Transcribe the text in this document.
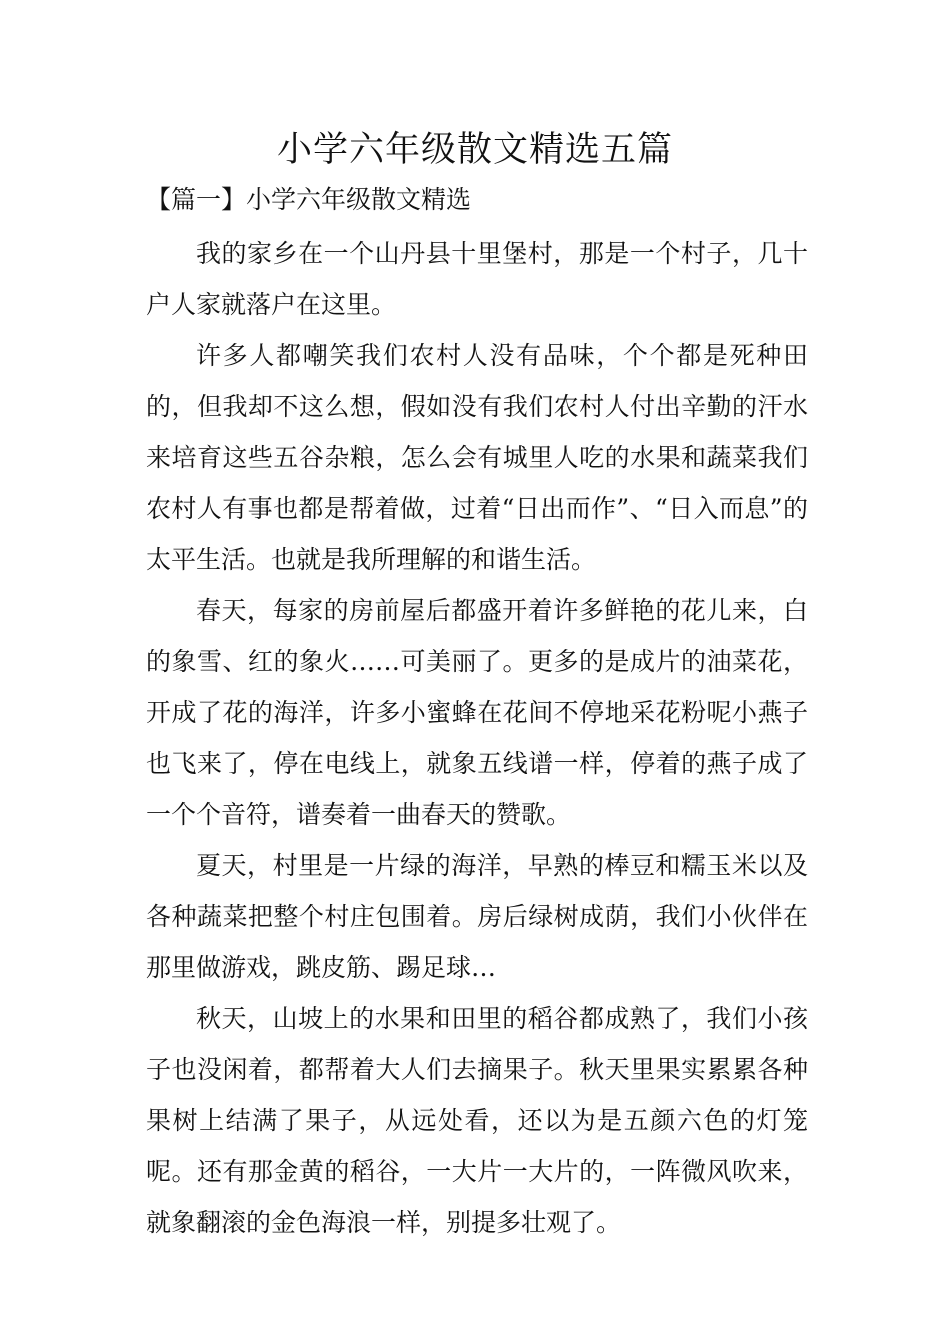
小学六年级散文精选五篇
【篇一】小学六年级散文精选

我的家乡在一个山丹县十里堡村，那是一个村子，几十户人家就落户在这里。

许多人都嘲笑我们农村人没有品味，个个都是死种田的，但我却不这么想，假如没有我们农村人付出辛勤的汗水来培育这些五谷杂粮，怎么会有城里人吃的水果和蔬菜我们农村人有事也都是帮着做，过着“日出而作”、“日入而息”的太平生活。也就是我所理解的和谐生活。

春天，每家的房前屋后都盛开着许多鲜艳的花儿来，白的象雪、红的象火……可美丽了。更多的是成片的油菜花，开成了花的海洋，许多小蜜蜂在花间不停地采花粉呢小燕子也飞来了，停在电线上，就象五线谱一样，停着的燕子成了一个个音符，谱奏着一曲春天的赞歌。

夏天，村里是一片绿的海洋，早熟的棒豆和糯玉米以及各种蔬菜把整个村庄包围着。房后绿树成荫，我们小伙伴在那里做游戏，跳皮筋、踢足球…

秋天，山坡上的水果和田里的稻谷都成熟了，我们小孩子也没闲着，都帮着大人们去摘果子。秋天里果实累累各种果树上结满了果子，从远处看，还以为是五颜六色的灯笼呢。还有那金黄的稻谷，一大片一大片的，一阵微风吹来，就象翻滚的金色海浪一样，别提多壮观了。
